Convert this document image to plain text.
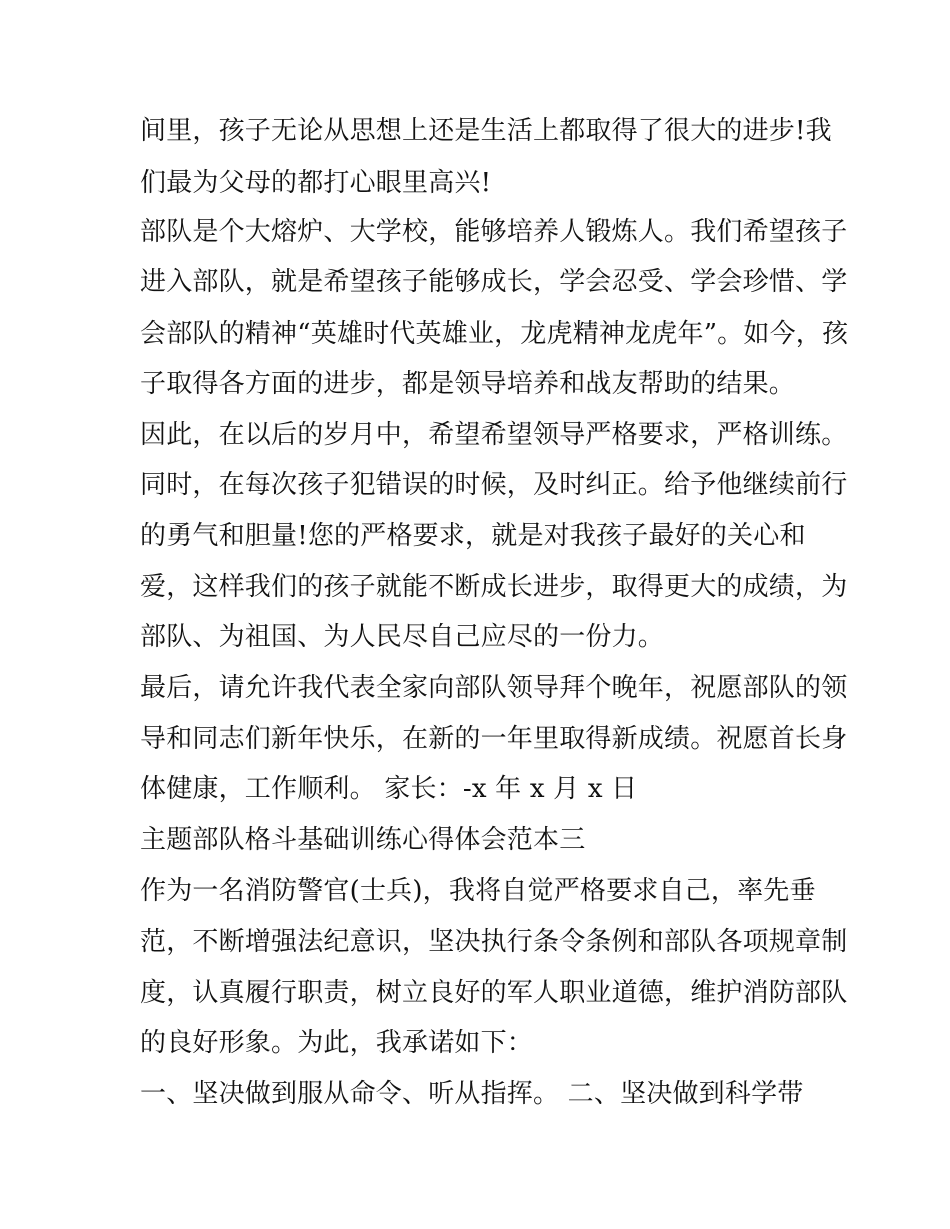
间里，孩子无论从思想上还是生活上都取得了很大的进步!我
们最为父母的都打心眼里高兴!
部队是个大熔炉、大学校，能够培养人锻炼人。我们希望孩子
进入部队，就是希望孩子能够成长，学会忍受、学会珍惜、学
会部队的精神“英雄时代英雄业，龙虎精神龙虎年”。如今，孩
子取得各方面的进步，都是领导培养和战友帮助的结果。
因此，在以后的岁月中，希望希望领导严格要求，严格训练。
同时，在每次孩子犯错误的时候，及时纠正。给予他继续前行
的勇气和胆量!您的严格要求，就是对我孩子最好的关心和
爱，这样我们的孩子就能不断成长进步，取得更大的成绩，为
部队、为祖国、为人民尽自己应尽的一份力。
最后，请允许我代表全家向部队领导拜个晚年，祝愿部队的领
导和同志们新年快乐，在新的一年里取得新成绩。祝愿首长身
体健康，工作顺利。 家长：-x 年 x 月 x 日
主题部队格斗基础训练心得体会范本三
作为一名消防警官(士兵)，我将自觉严格要求自己，率先垂
范，不断增强法纪意识，坚决执行条令条例和部队各项规章制
度，认真履行职责，树立良好的军人职业道德，维护消防部队
的良好形象。为此，我承诺如下：
一、坚决做到服从命令、听从指挥。 二、坚决做到科学带
